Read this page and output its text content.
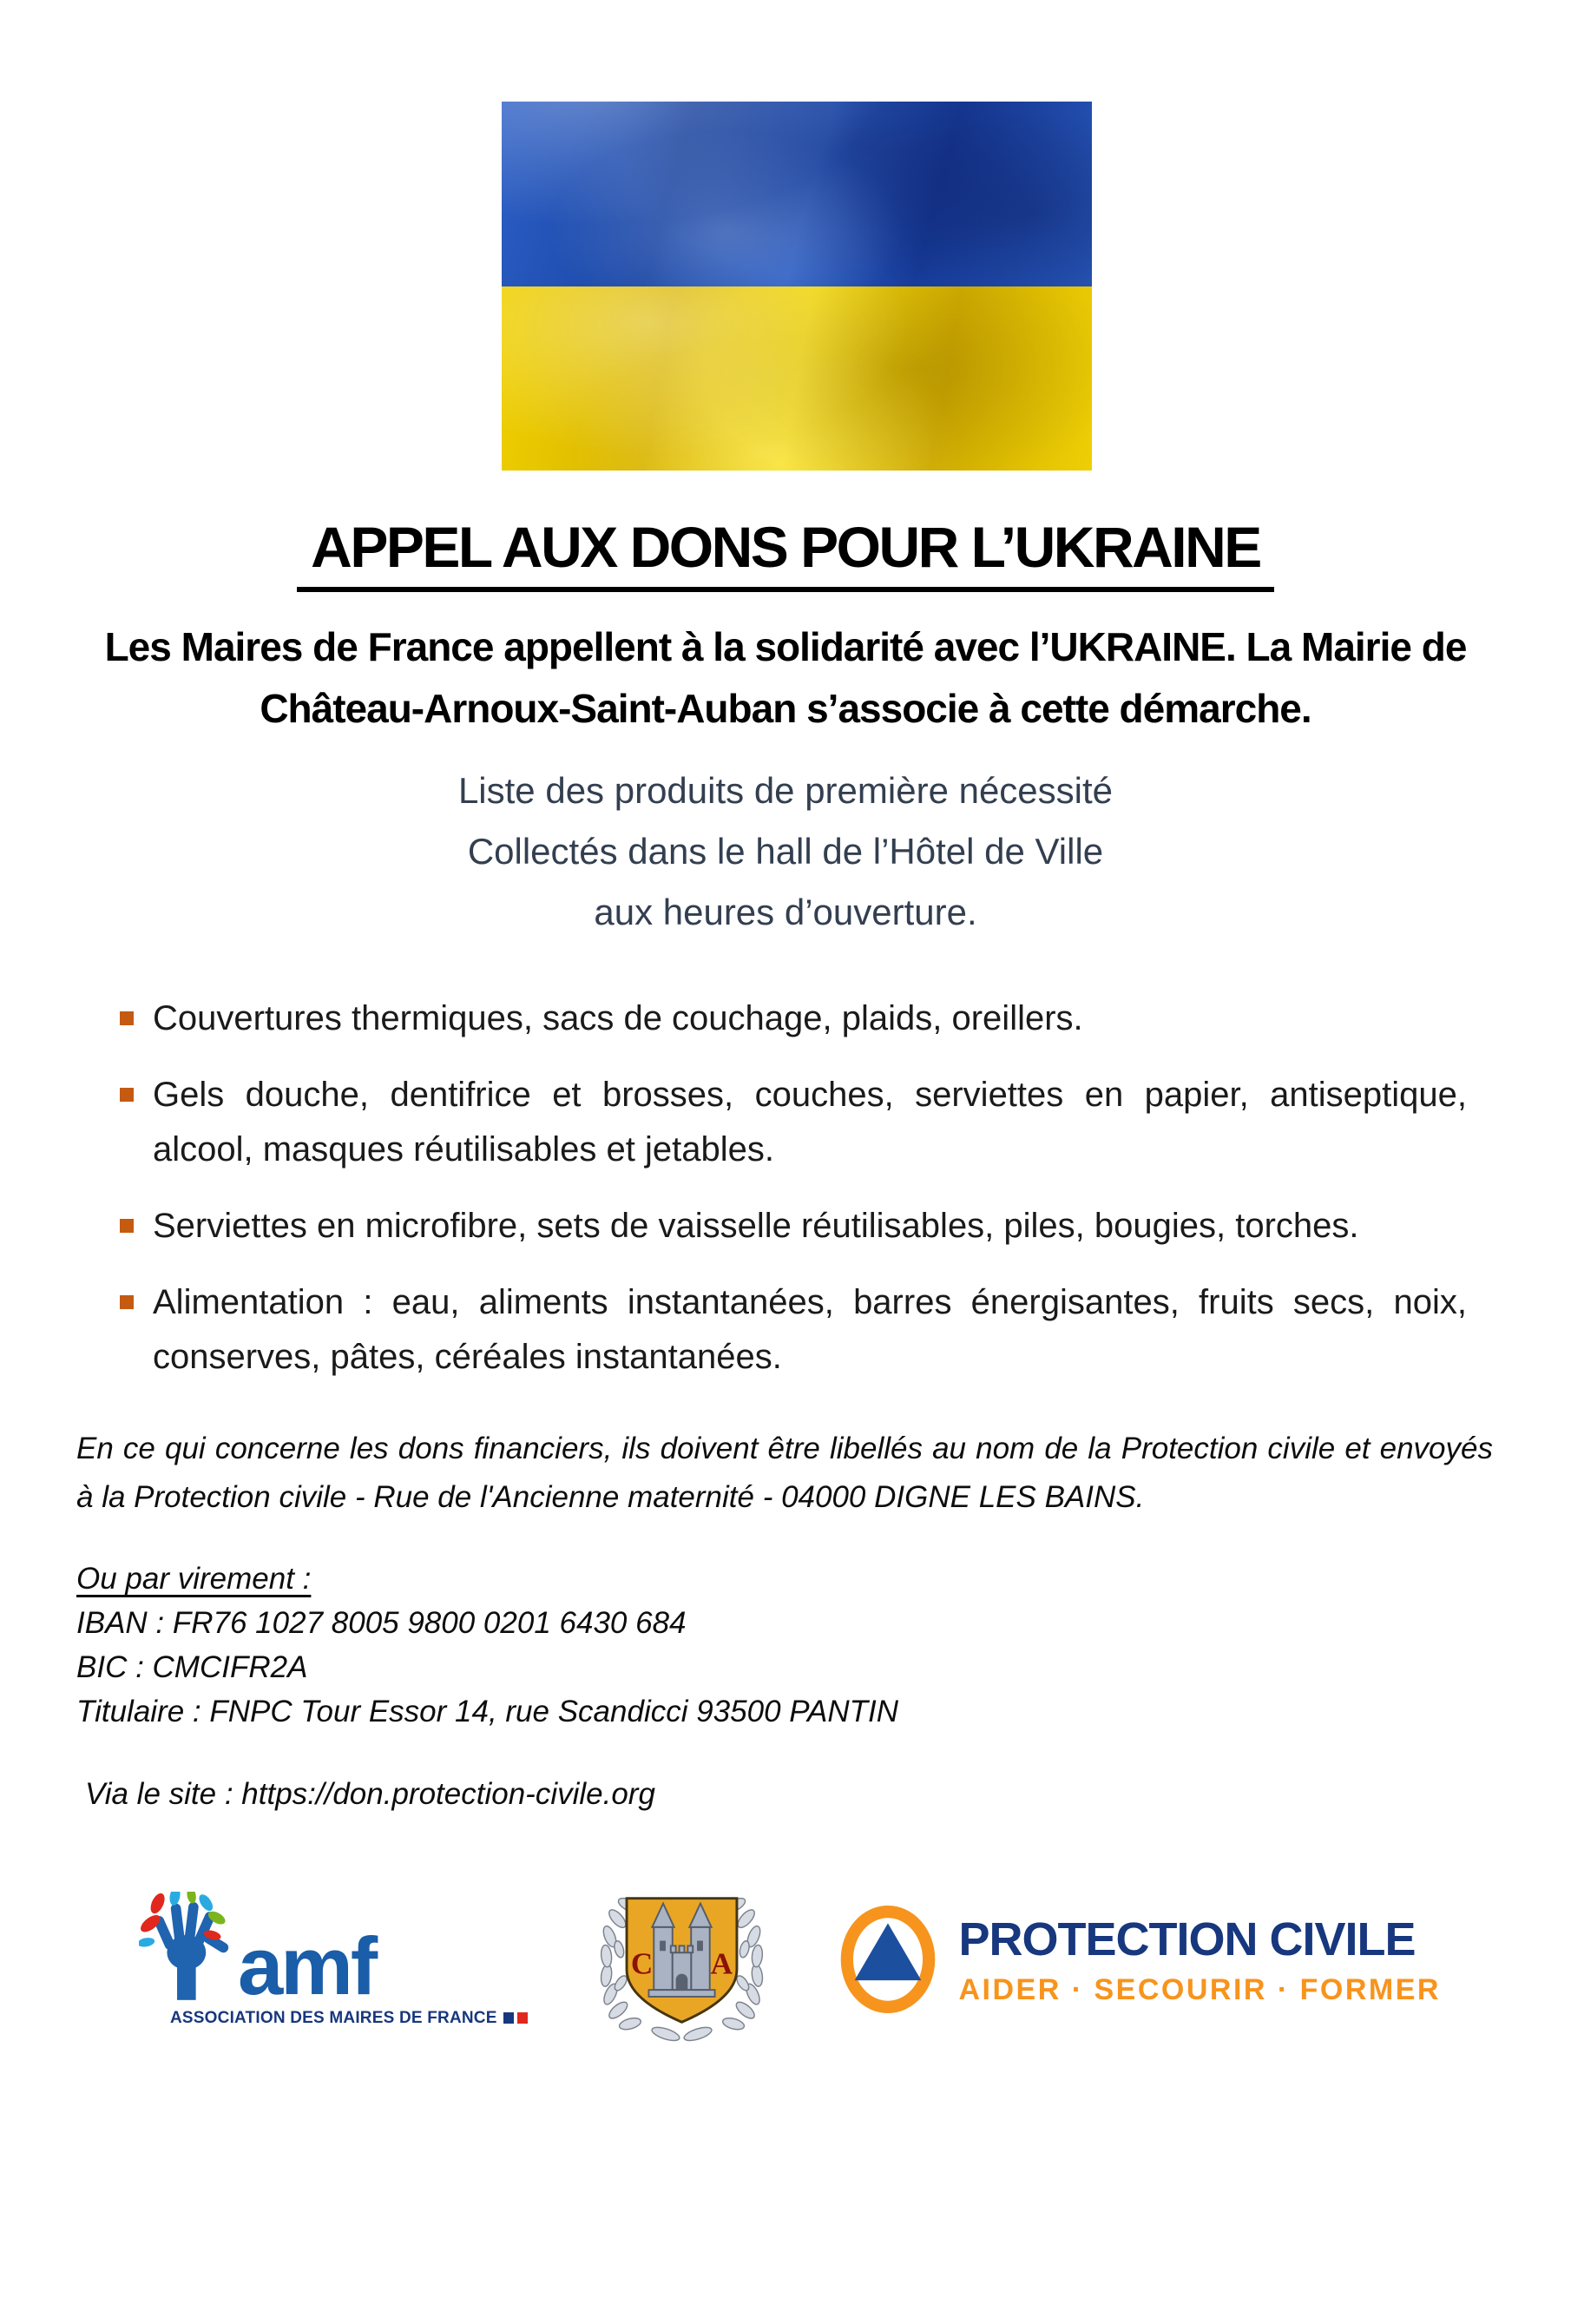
APPEL AUX DONS POUR L’UKRAINE
Les Maires de France appellent à la solidarité avec l’UKRAINE. La Mairie de Château-Arnoux-Saint-Auban s’associe à cette démarche.
Liste des produits de première nécessité
Collectés dans le hall de l’Hôtel de Ville
aux heures d’ouverture.
Couvertures thermiques, sacs de couchage, plaids, oreillers.
Gels douche, dentifrice et brosses, couches, serviettes en papier, antiseptique, alcool, masques réutilisables et jetables.
Serviettes en microfibre, sets de vaisselle réutilisables, piles, bougies, torches.
Alimentation : eau, aliments instantanées, barres énergisantes, fruits secs, noix, conserves, pâtes, céréales instantanées.
En ce qui concerne les dons financiers, ils doivent être libellés au nom de la Protection civile et envoyés à la Protection civile - Rue de l'Ancienne maternité - 04000 DIGNE LES BAINS.
Ou par virement :
IBAN : FR76 1027 8005 9800 0201 6430 684
BIC : CMCIFR2A
Titulaire : FNPC Tour Essor 14, rue Scandicci 93500 PANTIN
Via le site : https://don.protection-civile.org
amf
ASSOCIATION DES MAIRES DE FRANCE
C A	PROTECTION CIVILE
AIDER · SECOURIR · FORMER
